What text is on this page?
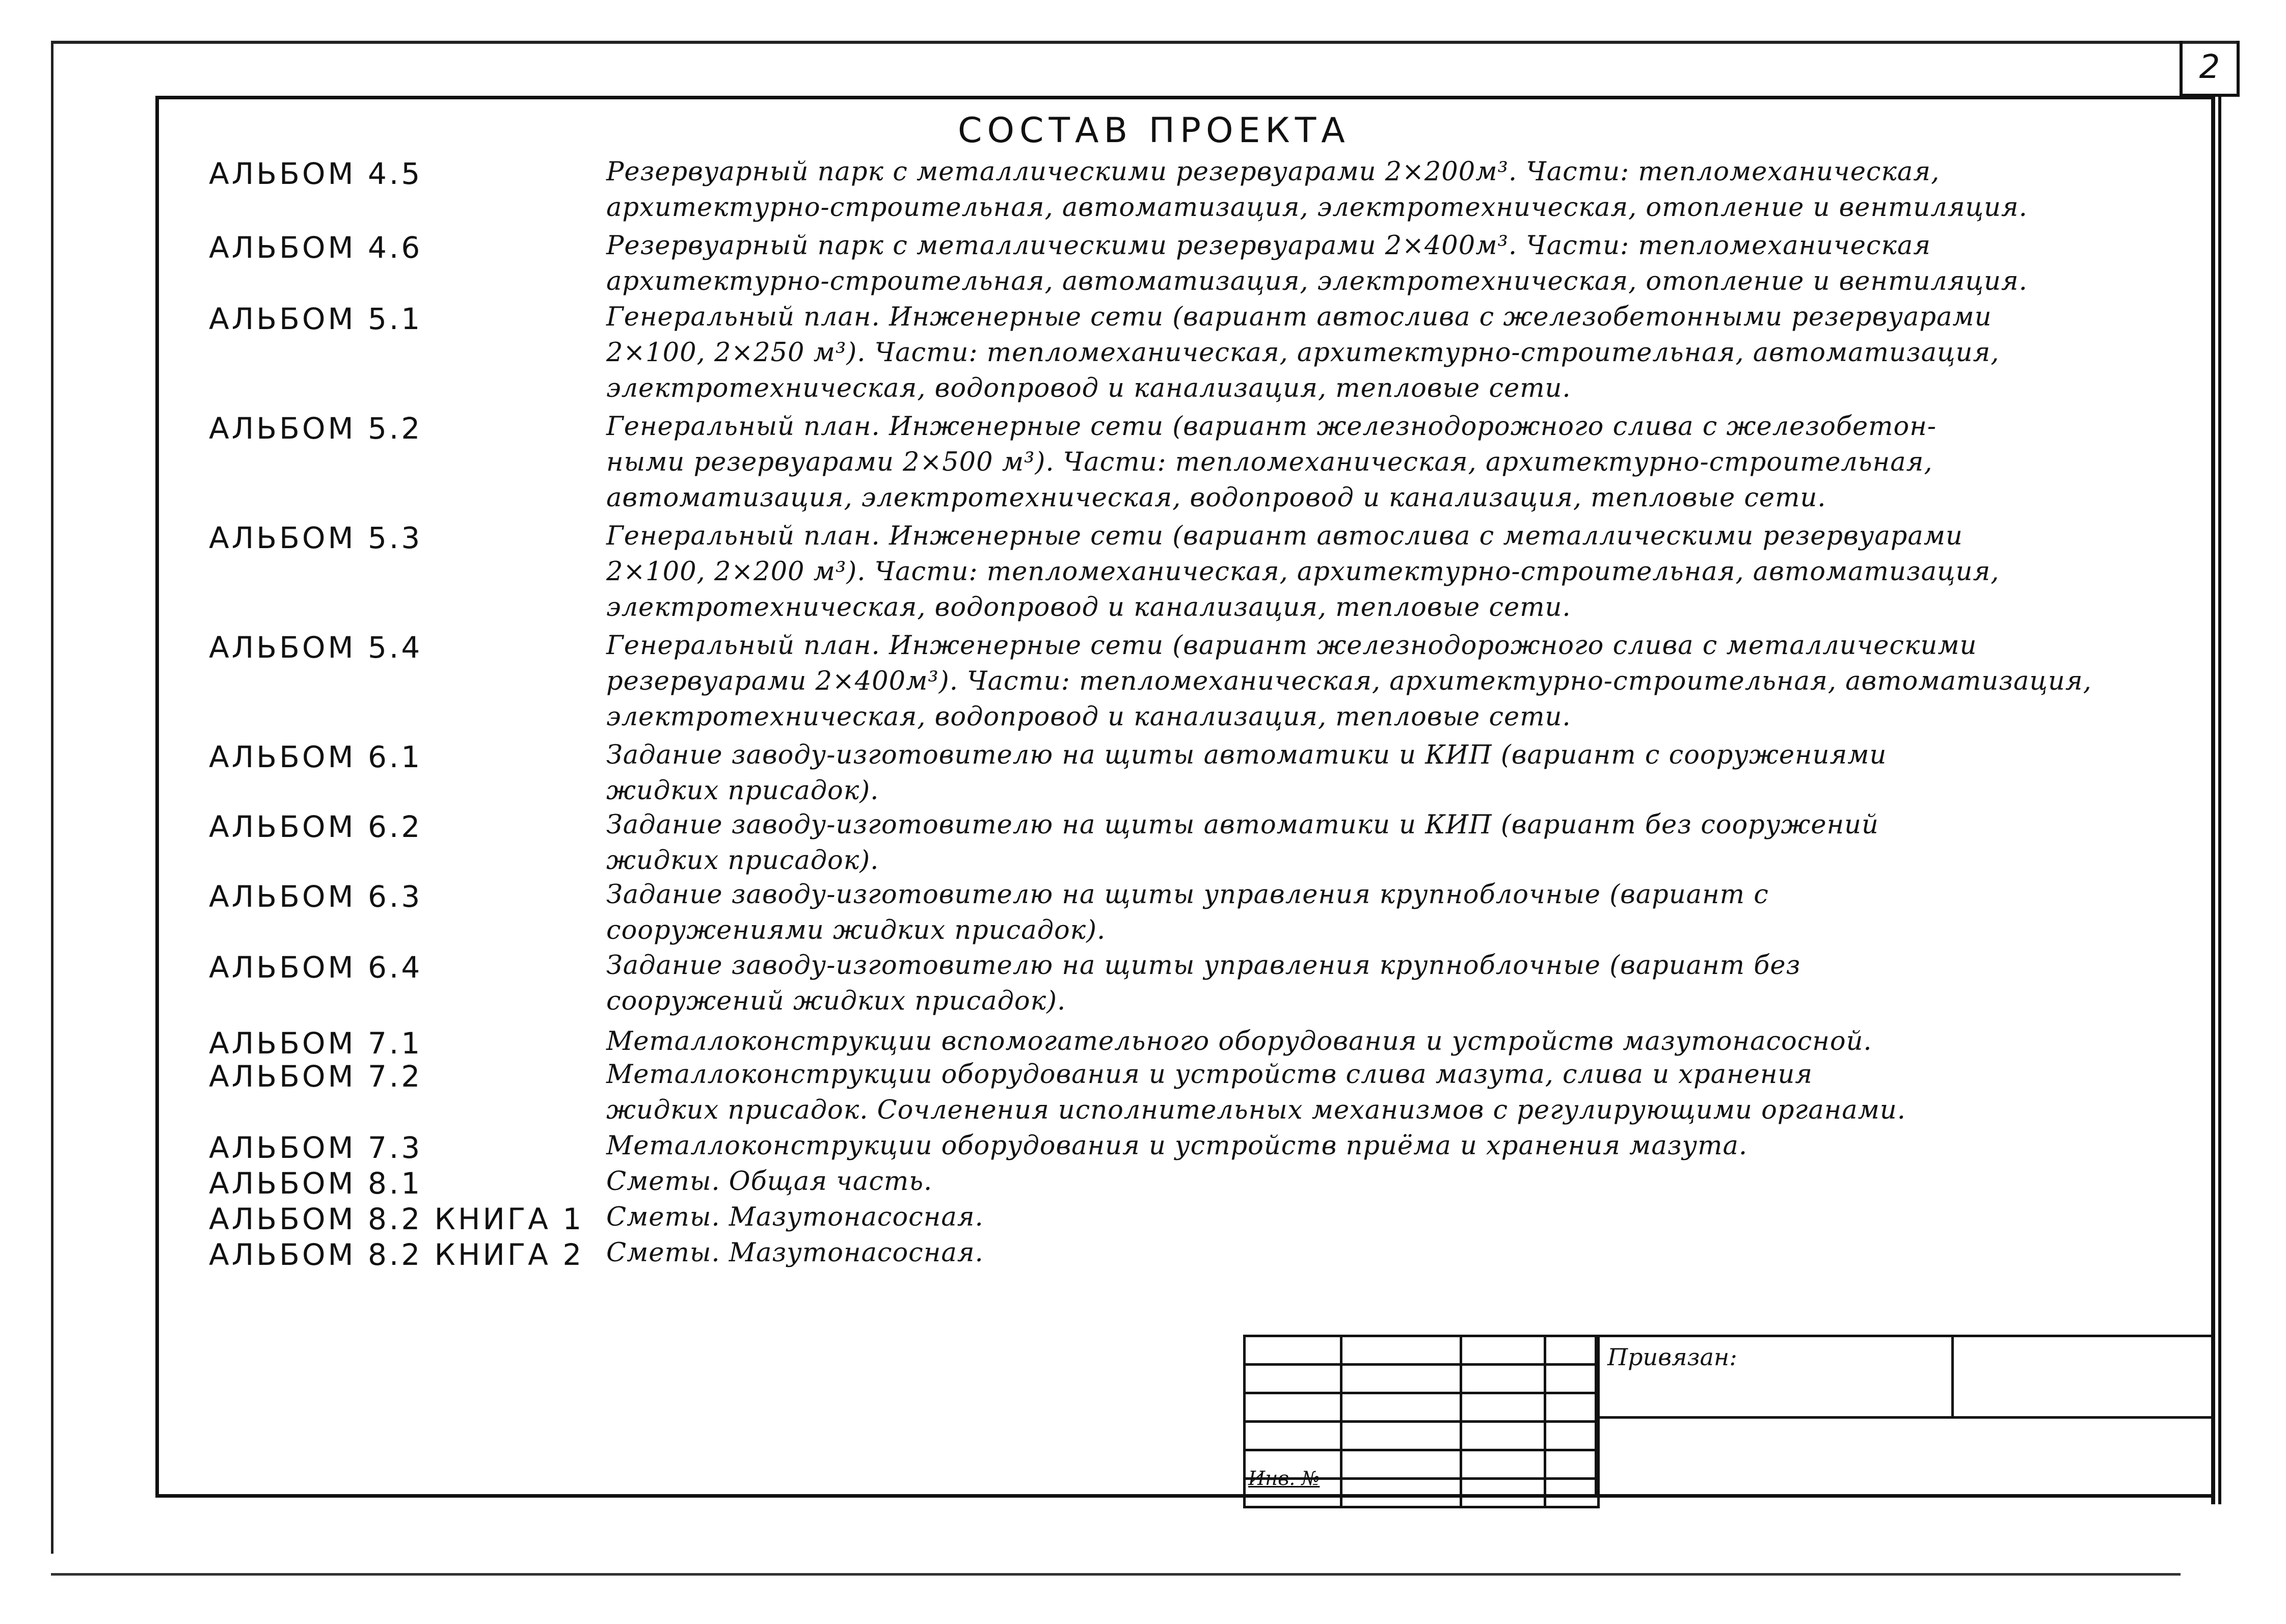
2
СОСТАВ ПРОЕКТА
АЛЬБОМ 4.5	Резервуарный парк с металлическими резервуарами 2×200м³. Части: тепломеханическая,
архитектурно-строительная, автоматизация, электротехническая, отопление и вентиляция.
АЛЬБОМ 4.6	Резервуарный парк с металлическими резервуарами 2×400м³. Части: тепломеханическая
архитектурно-строительная, автоматизация, электротехническая, отопление и вентиляция.
АЛЬБОМ 5.1	Генеральный план. Инженерные сети (вариант автослива с железобетонными резервуарами
2×100, 2×250 м³). Части: тепломеханическая, архитектурно-строительная, автоматизация,
электротехническая, водопровод и канализация, тепловые сети.
АЛЬБОМ 5.2	Генеральный план. Инженерные сети (вариант железнодорожного слива с железобетон-
ными резервуарами 2×500 м³). Части: тепломеханическая, архитектурно-строительная,
автоматизация, электротехническая, водопровод и канализация, тепловые сети.
АЛЬБОМ 5.3	Генеральный план. Инженерные сети (вариант автослива с металлическими резервуарами
2×100, 2×200 м³). Части: тепломеханическая, архитектурно-строительная, автоматизация,
электротехническая, водопровод и канализация, тепловые сети.
АЛЬБОМ 5.4	Генеральный план. Инженерные сети (вариант железнодорожного слива с металлическими
резервуарами 2×400м³). Части: тепломеханическая, архитектурно-строительная, автоматизация,
электротехническая, водопровод и канализация, тепловые сети.
АЛЬБОМ 6.1	Задание заводу-изготовителю на щиты автоматики и КИП (вариант с сооружениями
жидких присадок).
АЛЬБОМ 6.2	Задание заводу-изготовителю на щиты автоматики и КИП (вариант без сооружений
жидких присадок).
АЛЬБОМ 6.3	Задание заводу-изготовителю на щиты управления крупноблочные (вариант с
сооружениями жидких присадок).
АЛЬБОМ 6.4	Задание заводу-изготовителю на щиты управления крупноблочные (вариант без
сооружений жидких присадок).
АЛЬБОМ 7.1	Металлоконструкции вспомогательного оборудования и устройств мазутонасосной.
АЛЬБОМ 7.2	Металлоконструкции оборудования и устройств слива мазута, слива и хранения
жидких присадок. Сочленения исполнительных механизмов с регулирующими органами.
АЛЬБОМ 7.3	Металлоконструкции оборудования и устройств приёма и хранения мазута.
АЛЬБОМ 8.1	Сметы. Общая часть.
АЛЬБОМ 8.2 КНИГА 1 Сметы. Мазутонасосная.
АЛЬБОМ 8.2 КНИГА 2 Сметы. Мазутонасосная.

Привязан:
Инв. №
